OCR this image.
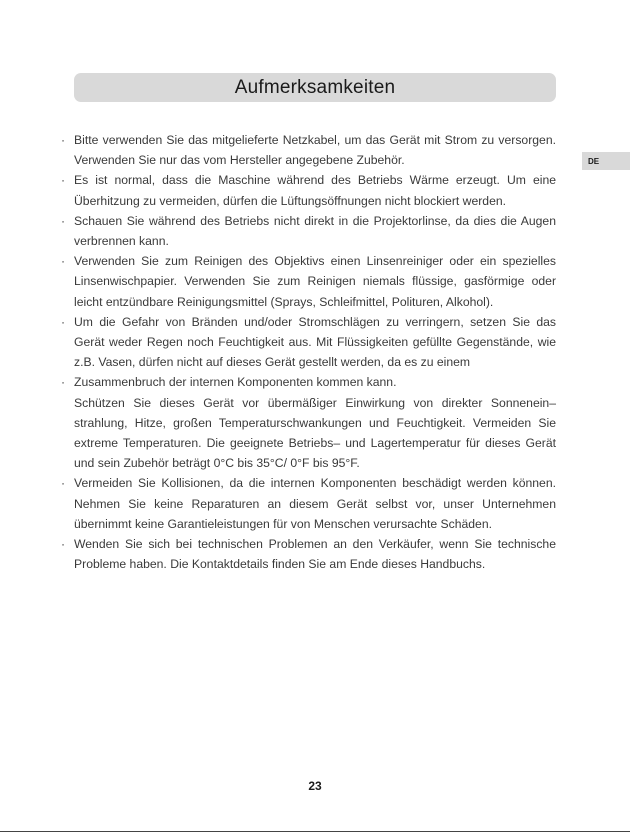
Aufmerksamkeiten
DE
· Bitte verwenden Sie das mitgelieferte Netzkabel, um das Gerät mit Strom zu versorgen. Verwenden Sie nur das vom Hersteller angegebene Zubehör.
· Es ist normal, dass die Maschine während des Betriebs Wärme erzeugt. Um eine Überhitzung zu vermeiden, dürfen die Lüftungsöffnungen nicht blockiert werden.
· Schauen Sie während des Betriebs nicht direkt in die Projektorlinse, da dies die Augen verbrennen kann.
· Verwenden Sie zum Reinigen des Objektivs einen Linsenreiniger oder ein spezielles Linsenwischpapier. Verwenden Sie zum Reinigen niemals flüssige, gasförmige oder leicht entzündbare Reinigungsmittel (Sprays, Schleifmittel, Polituren, Alkohol).
· Um die Gefahr von Bränden und/oder Stromschlägen zu verringern, setzen Sie das Gerät weder Regen noch Feuchtigkeit aus. Mit Flüssigkeiten gefüllte Gegenstände, wie z.B. Vasen, dürfen nicht auf dieses Gerät gestellt werden, da es zu einem
· Zusammenbruch der internen Komponenten kommen kann.
Schützen Sie dieses Gerät vor übermäßiger Einwirkung von direkter Sonnenein–strahlung, Hitze, großen Temperaturschwankungen und Feuchtigkeit. Vermeiden Sie extreme Temperaturen. Die geeignete Betriebs– und Lagertemperatur für dieses Gerät und sein Zubehör beträgt 0°C bis 35°C/ 0°F bis 95°F.
· Vermeiden Sie Kollisionen, da die internen Komponenten beschädigt werden können. Nehmen Sie keine Reparaturen an diesem Gerät selbst vor, unser Unternehmen übernimmt keine Garantieleistungen für von Menschen verursachte Schäden.
· Wenden Sie sich bei technischen Problemen an den Verkäufer, wenn Sie technische Probleme haben. Die Kontaktdetails finden Sie am Ende dieses Handbuchs.
23
